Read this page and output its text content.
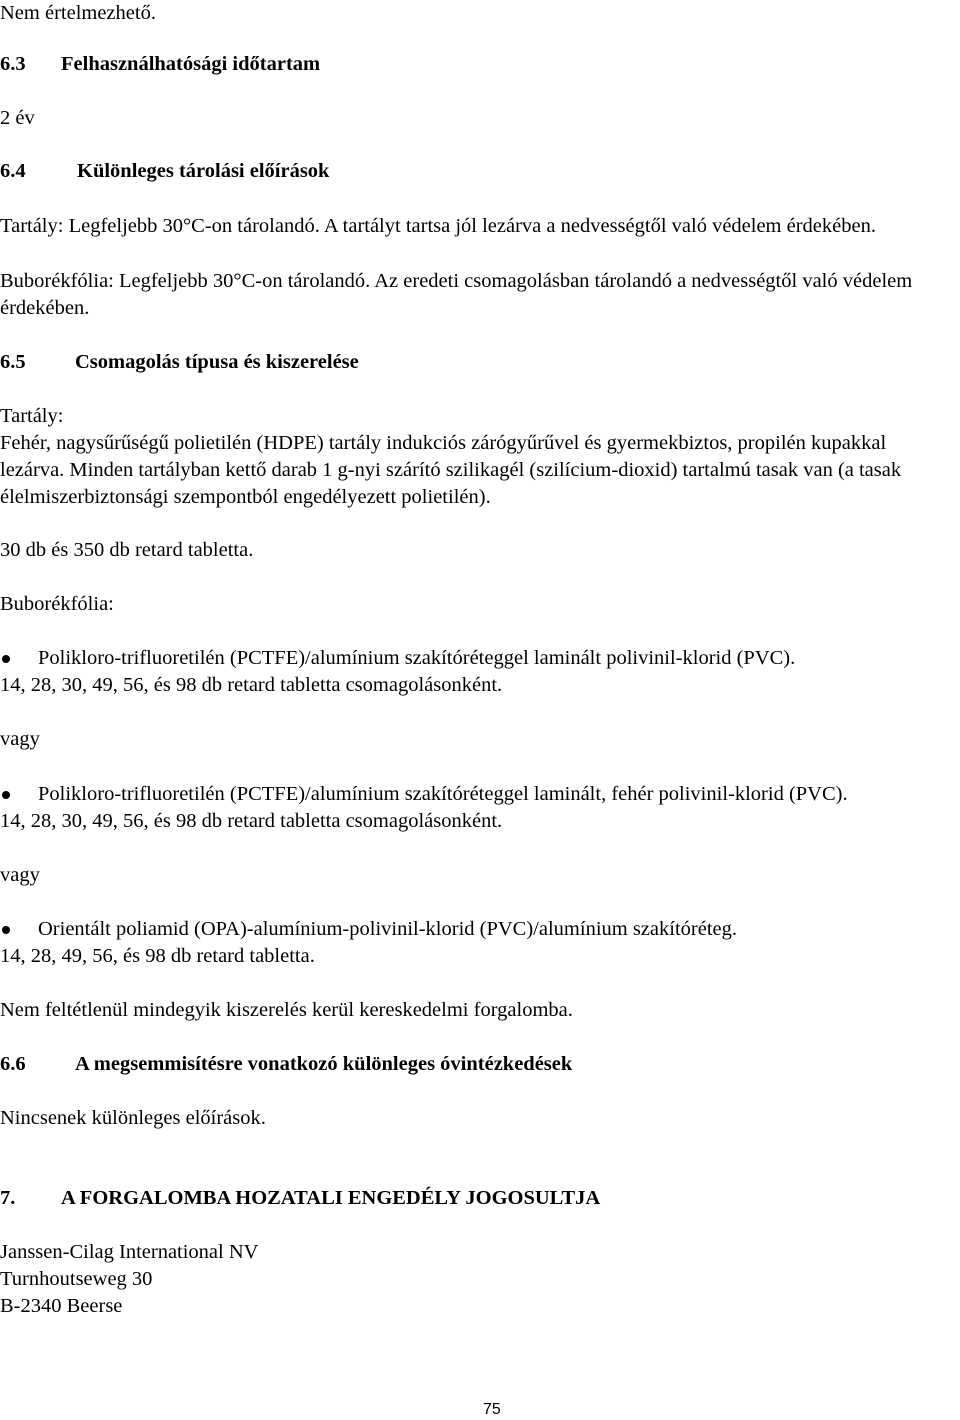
Nem értelmezhető.

6.3 Felhasználhatósági időtartam

2 év

6.4	Különleges tárolási előírások

Tartály: Legfeljebb 30°C-on tárolandó. A tartályt tartsa jól lezárva a nedvességtől való védelem érdekében.

Buborékfólia: Legfeljebb 30°C-on tárolandó. Az eredeti csomagolásban tárolandó a nedvességtől való védelem érdekében.

6.5 Csomagolás típusa és kiszerelése

Tartály:

Fehér, nagysűrűségű polietilén (HDPE) tartály indukciós zárógyűrűvel és gyermekbiztos, propilén kupakkal lezárva. Minden tartályban kettő darab 1 g-nyi szárító szilikagél (szilícium-dioxid) tartalmú tasak van (a tasak élelmiszerbiztonsági szempontból engedélyezett polietilén).

30 db és 350 db retard tabletta.

Buborékfólia:

Polikloro-trifluoretilén (PCTFE)/alumínium szakítóréteggel laminált polivinil-klorid (PVC).

14, 28, 30, 49, 56, és 98 db retard tabletta csomagolásonként.

vagy

Polikloro-trifluoretilén (PCTFE)/alumínium szakítóréteggel laminált, fehér polivinil-klorid (PVC).

14, 28, 30, 49, 56, és 98 db retard tabletta csomagolásonként.

vagy

Orientált poliamid (OPA)-alumínium-polivinil-klorid (PVC)/alumínium szakítóréteg.

14, 28, 49, 56, és 98 db retard tabletta.

Nem feltétlenül mindegyik kiszerelés kerül kereskedelmi forgalomba.

6.6 A megsemmisítésre vonatkozó különleges óvintézkedések

Nincsenek különleges előírások.

7. A FORGALOMBA HOZATALI ENGEDÉLY JOGOSULTJA

Janssen-Cilag International NV
Turnhoutseweg 30
B-2340 Beerse
75
